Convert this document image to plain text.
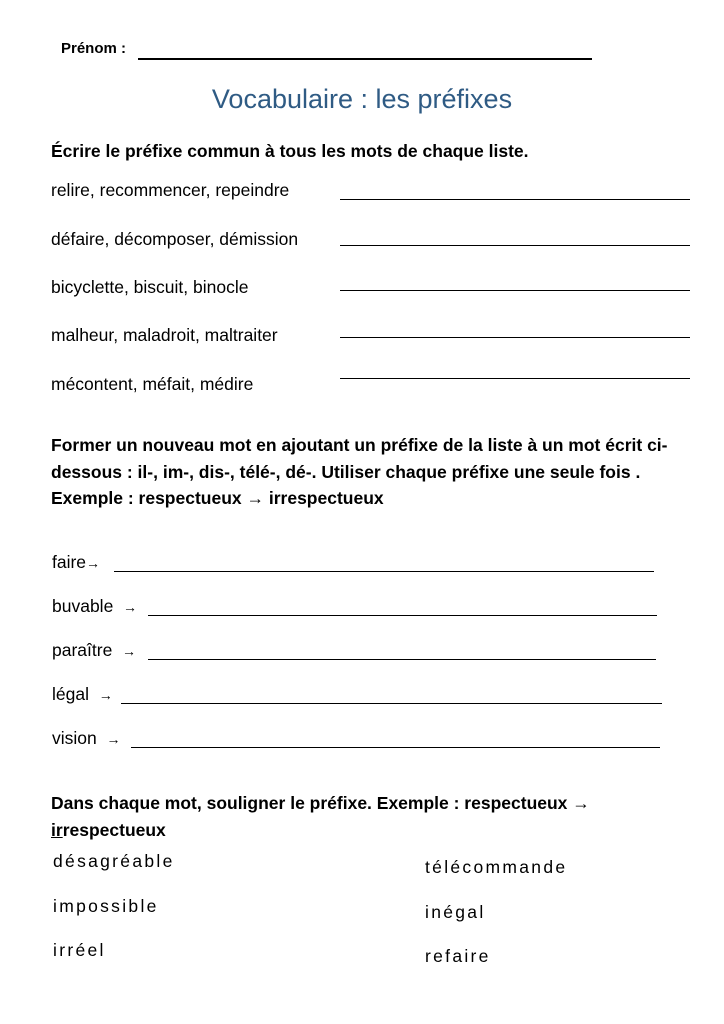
Prénom :
Vocabulaire : les préfixes
Écrire le préfixe commun à tous les mots de chaque liste.
relire, recommencer, repeindre
défaire, décomposer, démission
bicyclette, biscuit, binocle
malheur, maladroit, maltraiter
mécontent, méfait, médire
Former un nouveau mot en ajoutant un préfixe de la liste à un mot écrit ci-dessous : il-, im-, dis-, télé-, dé-. Utiliser chaque préfixe une seule fois .
Exemple : respectueux → irrespectueux
faire→
buvable →
paraître →
légal →
vision →
Dans chaque mot, souligner le préfixe. Exemple : respectueux → irrespectueux
désagréable
impossible
irréel
télécommande
inégal
refaire
